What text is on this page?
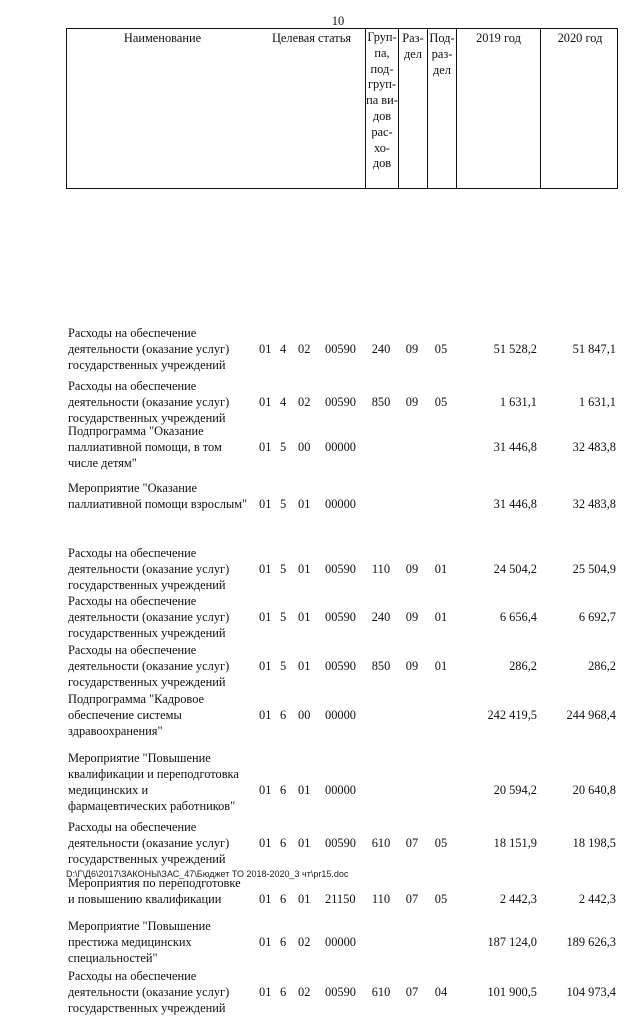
10
Наименование	Целевая статья	Груп-
па,
под-
груп-
па ви-
дов
рас-
хо-
дов
Раз-
дел
Под-
раз-
дел
2019 год	2020 год
Расходы на обеспечение
деятельности (оказание услуг)
государственных учреждений
01 4 02 00590	240	09	05	51 528,2	51 847,1
Расходы на обеспечение
деятельности (оказание услуг)
государственных учреждений
01 4 02 00590	850	09	05	1 631,1	1 631,1
Подпрограмма "Оказание
паллиативной помощи, в том
числе детям"
01 5 00 00000	31 446,8	32 483,8
Мероприятие "Оказание
паллиативной помощи взрослым" 01 5 01 00000	31 446,8	32 483,8
Расходы на обеспечение
деятельности (оказание услуг)
государственных учреждений
01 5 01 00590	110	09	01	24 504,2	25 504,9
Расходы на обеспечение
деятельности (оказание услуг)
государственных учреждений
01 5 01 00590	240	09	01	6 656,4	6 692,7
Расходы на обеспечение
деятельности (оказание услуг)
государственных учреждений
01 5 01 00590	850	09	01	286,2	286,2
Подпрограмма "Кадровое
обеспечение системы
здравоохранения"
01 6 00 00000	242 419,5	244 968,4
Мероприятие "Повышение
квалификации и переподготовка
медицинских и
фармацевтических работников"
01 6 01 00000	20 594,2	20 640,8
Расходы на обеспечение
деятельности (оказание услуг)
государственных учреждений
01 6 01 00590	610	07	05	18 151,9	18 198,5
Мероприятия по переподготовке
и повышению квалификации	01 6 01 21150	110	07	05	2 442,3	2 442,3
Мероприятие "Повышение
престижа медицинских
специальностей"
01 6 02 00000	187 124,0	189 626,3
Расходы на обеспечение
деятельности (оказание услуг)
государственных учреждений
01 6 02 00590	610	07	04	101 900,5	104 973,4
D:\Г\Д6\2017\ЗАКОНЫ\ЗАС_47\Бюджет ТО 2018-2020_3 чт\pr15.doc
